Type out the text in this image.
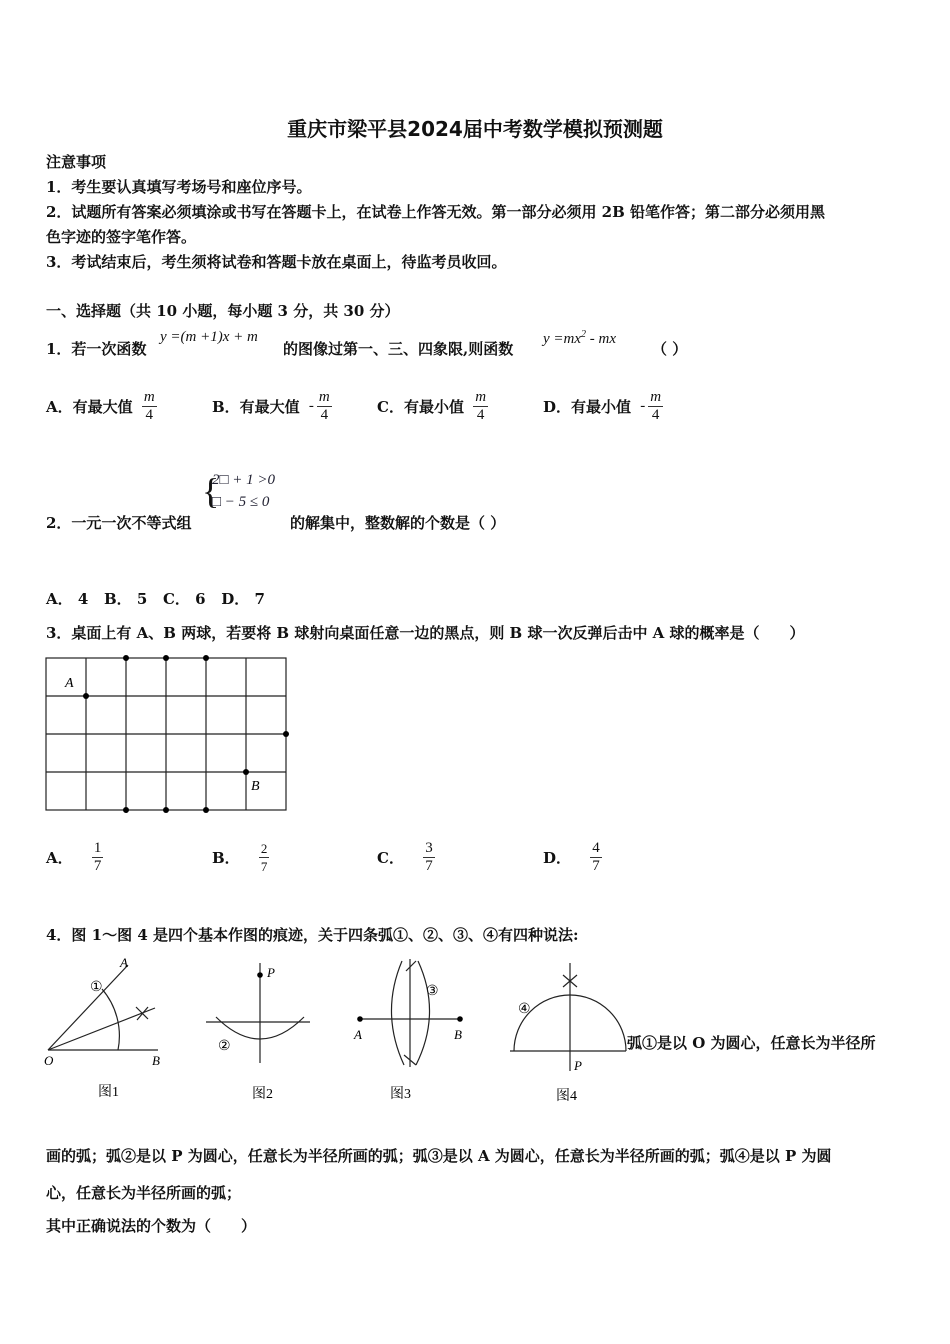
重庆市梁平县2024届中考数学模拟预测题
注意事项
1．考生要认真填写考场号和座位序号。
2．试题所有答案必须填涂或书写在答题卡上，在试卷上作答无效。第一部分必须用 2B 铅笔作答；第二部分必须用黑
色字迹的签字笔作答。
3．考试结束后，考生须将试卷和答题卡放在桌面上，待监考员收回。
一、选择题（共 10 小题，每小题 3 分，共 30 分）
1．若一次函数
y =(m +1)x + m
的图像过第一、三、四象限,则函数
$y =mx^2$ - mx
（ ）
A．有最大值 $\frac{m}{4}$	B．有最大值 - $\frac{m}{4}$	C．有最小值 $\frac{m}{4}$	D．有最小值 - $\frac{m}{4}$
2．一元一次不等式组
{
2□ + 1 >0
□ − 5 ≤ 0
的解集中，整数解的个数是（ ）
A． 4   B． 5   C． 6   D． 7
3．桌面上有 A、B 两球，若要将 B 球射向桌面任意一边的黑点，则 B 球一次反弹后击中 A 球的概率是（　　）
A
B
A． $\frac{1}{7}$	B． $\frac{2}{7}$	C． $\frac{3}{7}$	D． $\frac{4}{7}$
4．图 1～图 4 是四个基本作图的痕迹，关于四条弧①、②、③、④有四种说法:
A
O	B
①
图1
P
②
图2
A	B
③
图3
P
④
图4
弧①是以 O 为圆心，任意长为半径所
画的弧；弧②是以 P 为圆心，任意长为半径所画的弧；弧③是以 A 为圆心，任意长为半径所画的弧；弧④是以 P 为圆
心，任意长为半径所画的弧；
其中正确说法的个数为（　　）
